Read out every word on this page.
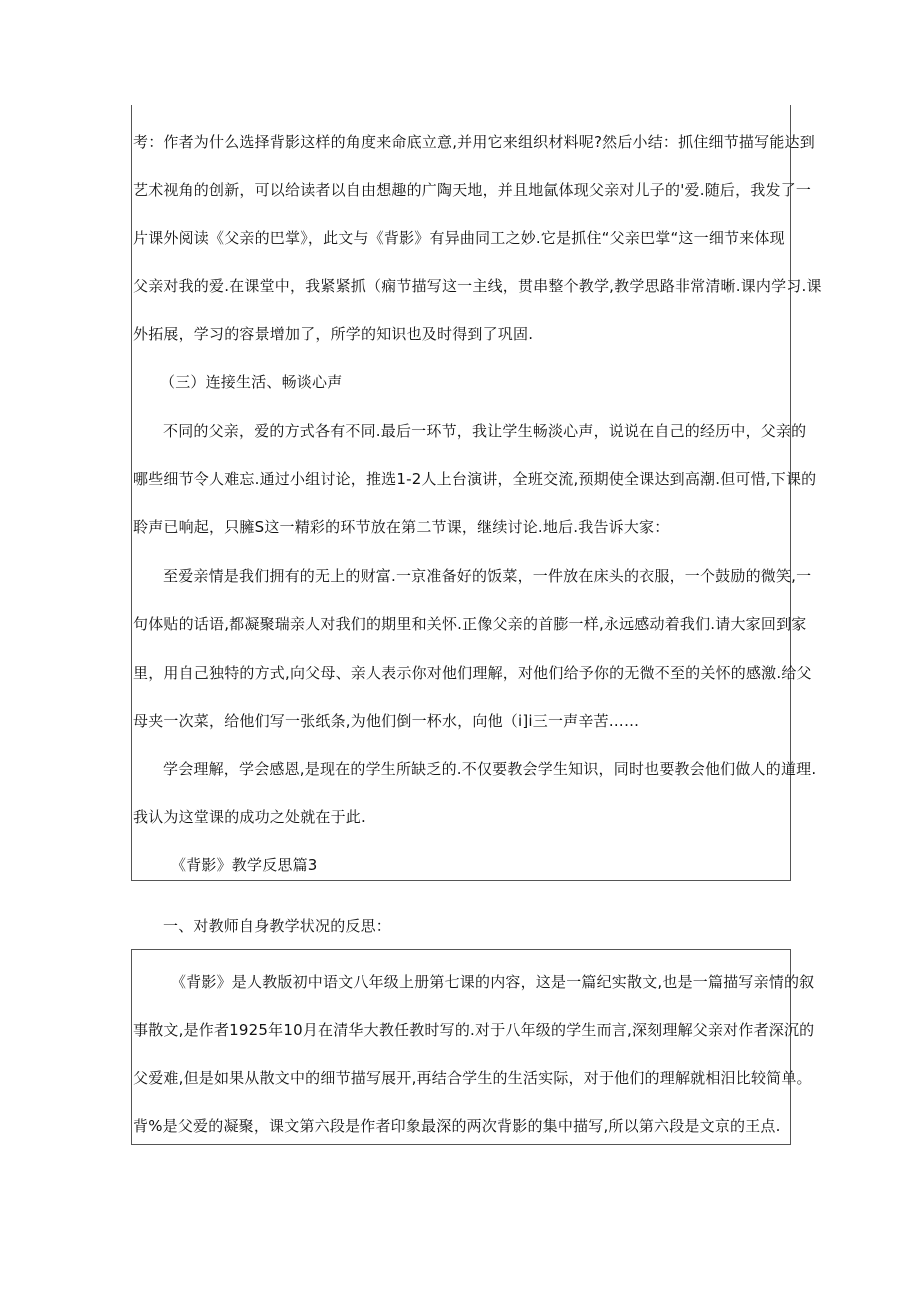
考：作者为什么选择背影这样的角度来命底立意,并用它来组织材料呢?然后小结：抓住细节描写能达到
艺术视角的创新，可以给读者以自由想趣的广陶天地，并且地氤体现父亲对儿子的'爱.随后，我发了一
片课外阅读《父亲的巴掌》，此文与《背影》有异曲同工之妙.它是抓住“父亲巴掌“这一细节来体现
父亲对我的爱.在课堂中，我紧紧抓（痫节描写这一主线，贯串整个教学,教学思路非常清晰.课内学习.课
外拓展，学习的容景增加了，所学的知识也及时得到了巩固.
（三）连接生活、畅谈心声
不同的父亲，爱的方式各有不同.最后一环节，我让学生畅淡心声，说说在自己的经历中，父亲的
哪些细节令人难忘.通过小组讨论，推选1-2人上台演讲，全班交流,预期使全课达到高潮.但可惜,下课的
聆声已响起，只臃S这一精彩的环节放在第二节课，继续讨论.地后.我告诉大家：
至爱亲情是我们拥有的无上的财富.一京准备好的饭菜，一件放在床头的衣服，一个鼓励的微笑,一
句体贴的话语,都凝聚瑞亲人对我们的期里和关怀.正像父亲的首膨一样,永远感动着我们.请大家回到家
里，用自己独特的方式,向父母、亲人表示你对他们理解，对他们给予你的无微不至的关怀的感激.给父
母夹一次菜，给他们写一张纸条,为他们倒一杯水，向他（i]i三一声辛苦……
学会理解，学会感恩,是现在的学生所缺乏的.不仅要教会学生知识，同时也要教会他们做人的道理.
我认为这堂课的成功之处就在于此.
《背影》教学反思篇3
一、对教师自身教学状况的反思：
《背影》是人教版初中语文八年级上册第七课的内容，这是一篇纪实散文,也是一篇描写亲情的叙
事散文,是作者1925年10月在清华大教任教时写的.对于八年级的学生而言,深刻理解父亲对作者深沉的
父爱难,但是如果从散文中的细节描写展开,再结合学生的生活实际，对于他们的理解就相汨比较简单。
背%是父爱的凝聚，课文第六段是作者印象最深的两次背影的集中描写,所以第六段是文京的王点.
